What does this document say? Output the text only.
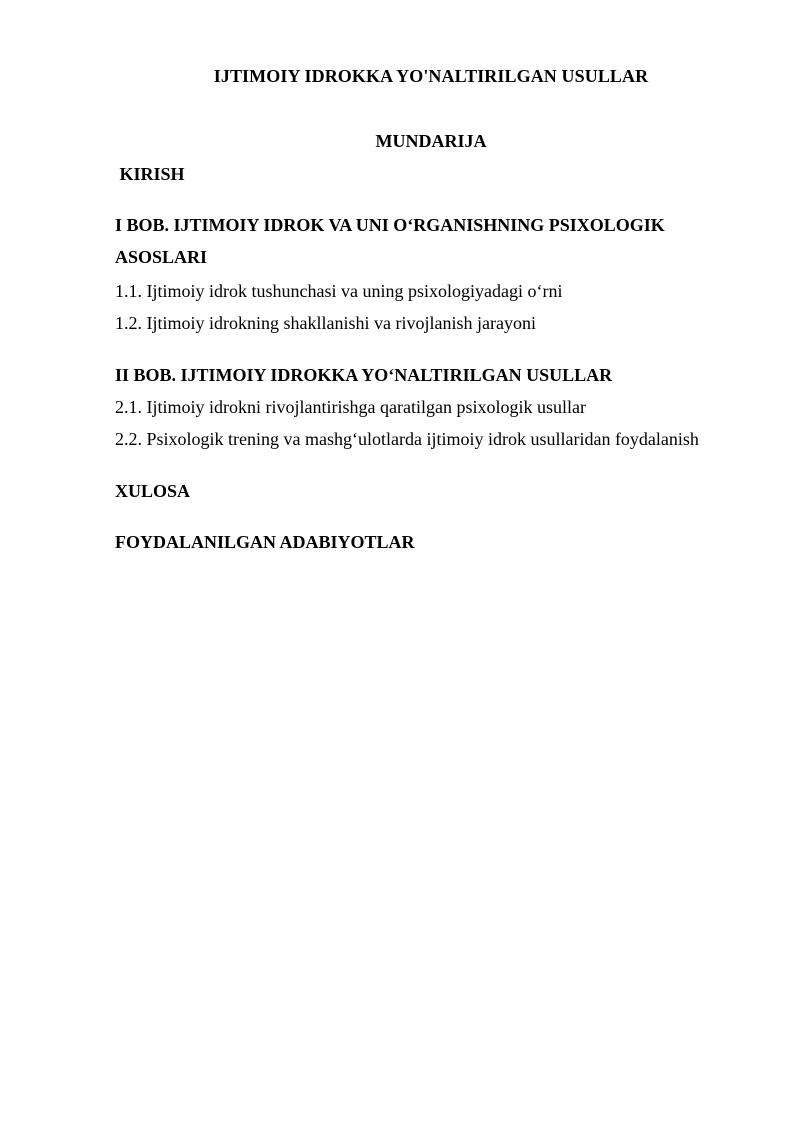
IJTIMOIY IDROKKA YO'NALTIRILGAN USULLAR
MUNDARIJA

KIRISH

I BOB. IJTIMOIY IDROK VA UNI O‘RGANISHNING PSIXOLOGIK

ASOSLARI

1.1. Ijtimoiy idrok tushunchasi va uning psixologiyadagi o‘rni

1.2. Ijtimoiy idrokning shakllanishi va rivojlanish jarayoni

II BOB. IJTIMOIY IDROKKA YO‘NALTIRILGAN USULLAR

2.1. Ijtimoiy idrokni rivojlantirishga qaratilgan psixologik usullar

2.2. Psixologik trening va mashg‘ulotlarda ijtimoiy idrok usullaridan foydalanish

XULOSA

FOYDALANILGAN ADABIYOTLAR
